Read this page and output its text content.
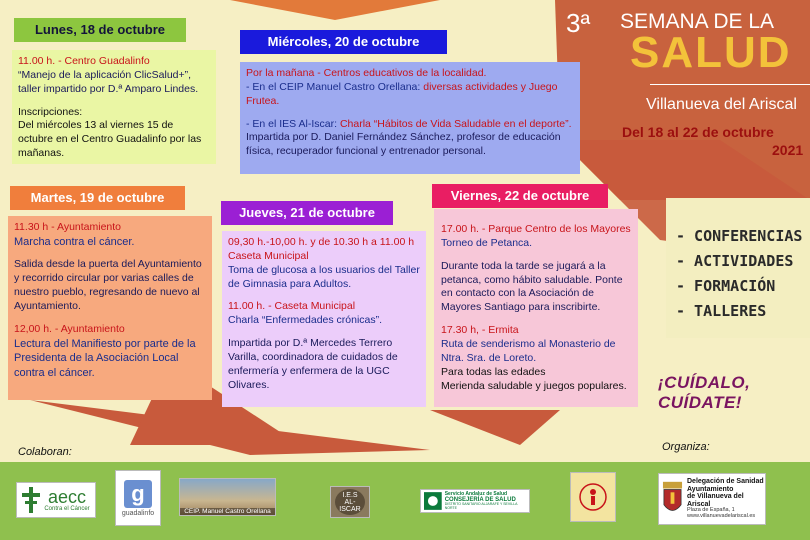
3ª SEMANA DE LA
SALUD
Villanueva del Ariscal
Del 18 al 22 de octubre
2021
Lunes, 18 de octubre
11.00 h. - Centro Guadalinfo
“Manejo de la aplicación ClicSalud+”, taller impartido por D.ª Amparo Lindes.
Inscripciones:
Del miércoles 13 al viernes 15 de octubre en el Centro Guadalinfo por las mañanas.
Miércoles, 20 de octubre
Por la mañana - Centros educativos de la localidad.
- En el CEIP Manuel Castro Orellana: diversas actividades y Juego Frutea.
- En el IES Al-Iscar: Charla “Hábitos de Vida Saludable en el deporte”.
Impartida por D. Daniel Fernández Sánchez, profesor de educación física, recuperador funcional y entrenador personal.
Martes, 19 de octubre
11.30 h - Ayuntamiento
Marcha contra el cáncer.
Salida desde la puerta del Ayuntamiento y recorrido circular por varias calles de nuestro pueblo, regresando de nuevo al Ayuntamiento.
12,00 h. - Ayuntamiento
Lectura del Manifiesto por parte de la Presidenta de la Asociación Local contra el cáncer.
Jueves, 21 de octubre
09,30 h.-10,00 h. y de 10.30 h a 11.00 h
Caseta Municipal
Toma de glucosa a los usuarios del Taller de Gimnasia para Adultos.
11.00 h. - Caseta Municipal
Charla “Enfermedades crónicas”.
Impartida por D.ª Mercedes Terrero Varilla, coordinadora de cuidados de enfermería y enfermera de la UGC Olivares.
Viernes, 22 de octubre
17.00 h. - Parque Centro de los Mayores
Torneo de Petanca.
Durante toda la tarde se jugará a la petanca, como hábito saludable. Ponte en contacto con la Asociación de Mayores Santiago para inscribirte.
17.30 h, - Ermita
Ruta de senderismo al Monasterio de Ntra. Sra. de Loreto.
Para todas las edades
Merienda saludable y juegos populares.
- CONFERENCIAS
- ACTIVIDADES
- FORMACIÓN
- TALLERES
¡CUÍDALO, CUÍDATE!
Colaboran:	Organiza:
aecc
Contra el Cáncer
g
guadalinfo	CEIP. Manuel Castro Orellana
I.E.S AL-ISCAR
Servicio Andaluz de Salud
CONSEJERÍA DE SALUD
DISTRITO SANITARIO ALJARAFE Y SEVILLA NORTE
Delegación de Sanidad
Ayuntamiento
de Villanueva del Ariscal
Plaza de España, 1
www.villanuevadelariscal.es
